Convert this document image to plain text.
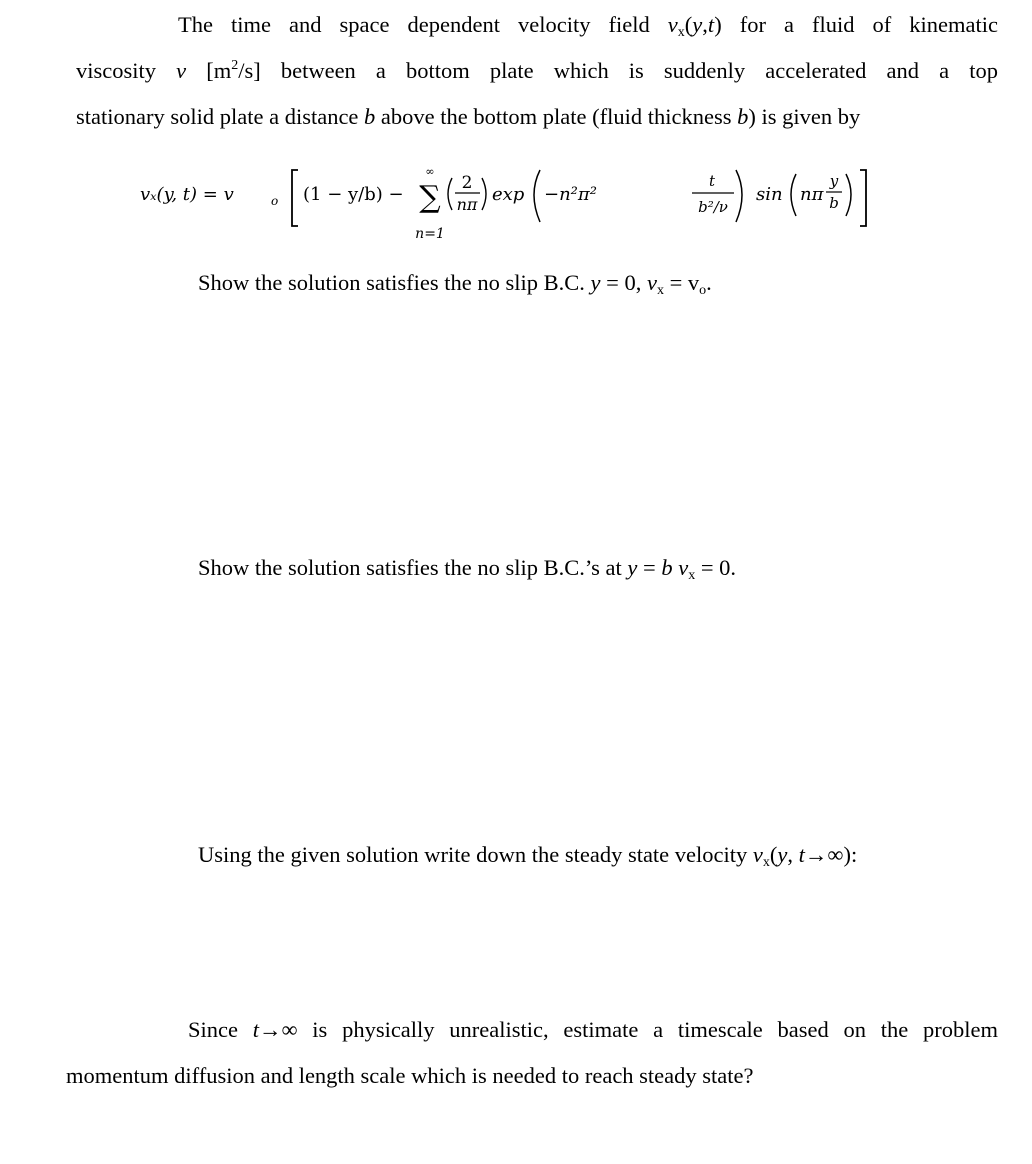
The time and space dependent velocity field $v_x(y,t)$ for a fluid of kinematic
viscosity ν $[m^2/s]$ between a bottom plate which is suddenly accelerated and a top
stationary solid plate a distance b above the bottom plate (fluid thickness b) is given by
vₓ(y, t) = v	o (1 − y/b) −
∞
∑
n=1
2
nπ exp −n²π²
t
b²/ν
sin nπ
y
b
Show the solution satisfies the no slip B.C. y = 0, $v_x = v_o$.
Show the solution satisfies the no slip B.C.’s at y = b $v_x = 0$.
Using the given solution write down the steady state velocity $v_x(y$, t→∞):
Since t→∞ is physically unrealistic, estimate a timescale based on the problem
momentum diffusion and length scale which is needed to reach steady state?
